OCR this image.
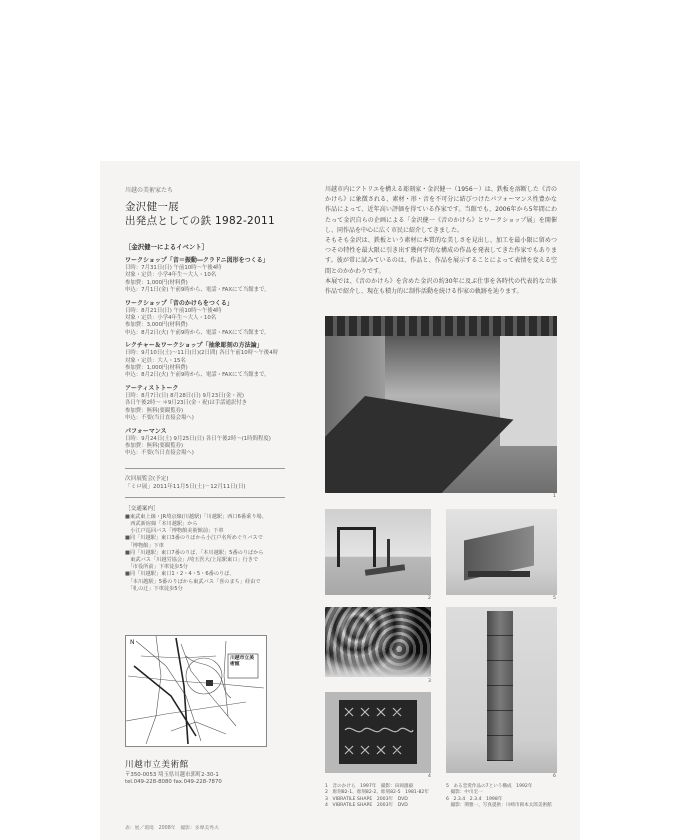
川越の美術家たち
金沢健一展
出発点としての鉄 1982-2011
［金沢健一によるイベント］
ワークショップ「音＝振動―クラドニ図形をつくる」
日時：7月31日(日) 午前10時～午後4時
対象・定員：小学4年生～大人・10名
参加費：1,000円(材料費)
申込：7月1日(金) 午前9時から、電話・FAXにて当館まで。
ワークショップ「音のかけらをつくる」
日時：8月21日(日) 午前10時～午後4時
対象・定員：小学4年生～大人・10名
参加費：3,000円(材料費)
申込：8月2日(火) 午前9時から、電話・FAXにて当館まで。
レクチャー＆ワークショップ「抽象彫刻の方法論」
日時：9月10日(土)～11日(日)(2日間) 各日午前10時～午後4時
対象・定員：大人・15名
参加費：1,000円(材料費)
申込：8月2日(火) 午前9時から、電話・FAXにて当館まで。
アーティストトーク
日時：8月7日(日) 8月28日(日) 9月23日(金・祝)
各日午後2時～ ＊9月23日(金・祝)は手話通訳付き
参加費：無料(要観覧券)
申込：不要(当日直接会場へ)
パフォーマンス
日時：9月24日(土) 9月25日(日) 各日午後2時～(1時間程度)
参加費：無料(要観覧券)
申込：不要(当日直接会場へ)
次回展覧会(予定)
「ミロ展」2011年11月5日(土)－12月11日(日)
［交通案内］
■東武東上線・JR埼京線(川越駅)「川越駅」西口6番乗り場、
　西武新宿線「本川越駅」から
　小江戸巡回バス「博物館美術館前」下車
■同「川越駅」東口3番のりばから小江戸名所めぐりバスで
　「博物館」下車
■同「川越駅」東口7番のりば、「本川越駅」5番のりばから
　東武バス「川越労協会」/埼玉医大/上尾駅東口」行きで
　「市役所前」下車徒歩5分
■同「川越駅」東口1・2・4・5・6番のりば、
　「本川越駅」5番のりばから東武バス「喜のまち」経由で
　「札の辻」下車徒歩5分
川越市立美術館
N
川越市立美術館
〒350-0053 埼玉県川越市郭町2-30-1
tel.049-228-8080 fax.049-228-7870
表：展／環境　2008年　撮影：多摩美秀夫
川越市内にアトリエを構える彫刻家・金沢健一（1956－）は、鉄板を溶断した《音のかけら》に象徴される、素材・形・音を不可分に結びつけたパフォーマンス性豊かな作品によって、近年高い評価を得ている作家です。当館でも、2006年から5年間にわたって金沢自らの企画による「金沢健一《音のかけら》とワークショップ展」を開催し、同作品を中心に広く市民に紹介してきました。
そもそも金沢は、鉄板という素材に本質的な美しさを見出し、加工を最小限に留めつつその特性を最大限に引き出す幾何学的な構成の作品を発表してきた作家でもあります。彼が常に試みているのは、作品と、作品を展示することによって表情を変える空間とのかかわりです。
本展では、《音のかけら》を含めた金沢の約30年に及ぶ仕事を各時代の代表的な立体作品で紹介し、現在も積力的に制作活動を続ける作家の軌跡を辿ります。
1
2	5
3
6
4
1　音のかけら　1997年　撮影：田岡鴻毅
2　彫刻82-1、彫刻82-2、彫刻82-5　1981-82年
3　VIBRATILE SHAPE　2003年　DVD
4　VIBRATILE SHAPE　2003年　DVD
5　ある恋愛作品の7という構成　1992年
　撮影：中川宏一
6　2.3.4　2.3.4　1998年
　撮影：関雅一、写真提供：川崎市岡本太郎美術館
